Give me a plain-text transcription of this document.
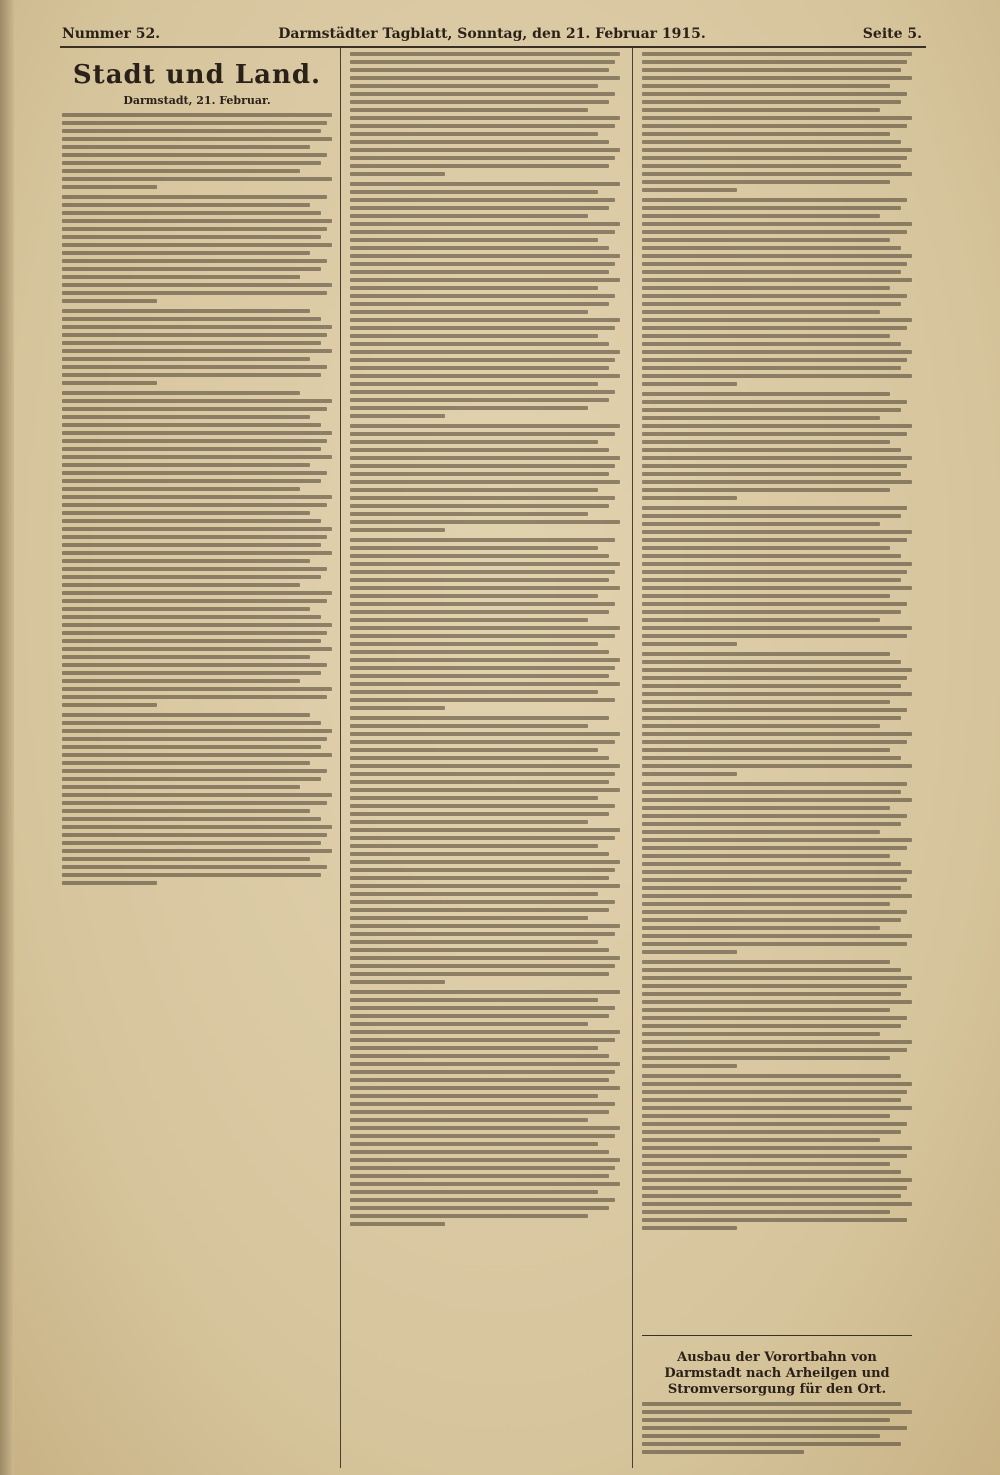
Nummer 52.	Darmstädter Tagblatt, Sonntag, den 21. Februar 1915.	Seite 5.
Stadt und Land.
Darmstadt, 21. Februar.
Ausbau der Vorortbahn von Darmstadt nach Arheilgen und Stromversorgung für den Ort.
